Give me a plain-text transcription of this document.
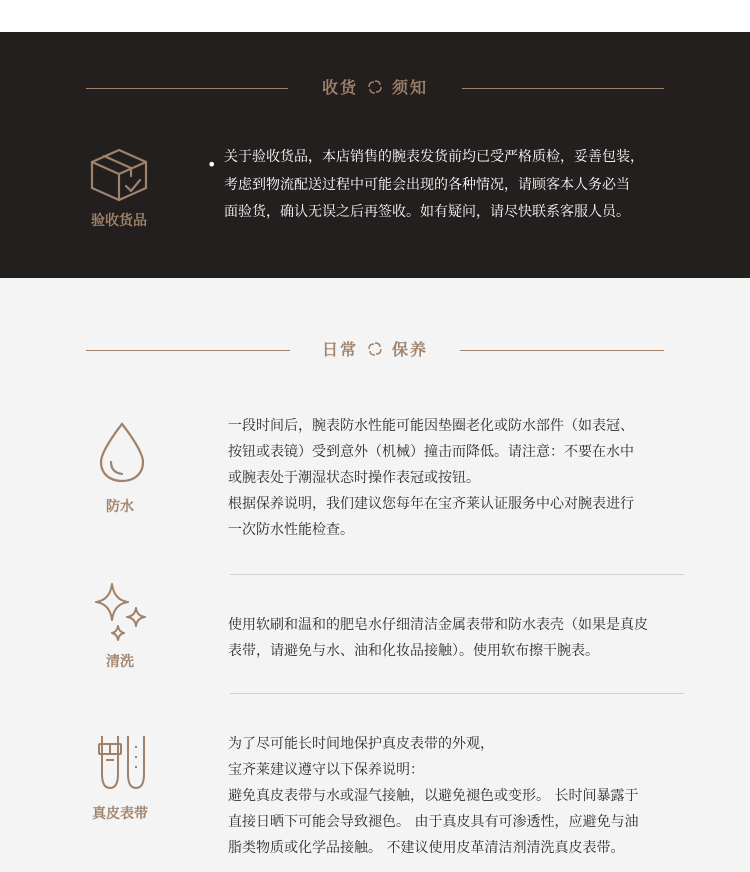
收货 须知
验收货品
• 关于验收货品，本店销售的腕表发货前均已受严格质检，妥善包装，
考虑到物流配送过程中可能会出现的各种情况，请顾客本人务必当
面验货，确认无误之后再签收。如有疑问，请尽快联系客服人员。
日常 保养
防水
一段时间后，腕表防水性能可能因垫圈老化或防水部件（如表冠、
按钮或表镜）受到意外（机械）撞击而降低。请注意：不要在水中
或腕表处于潮湿状态时操作表冠或按钮。
根据保养说明，我们建议您每年在宝齐莱认证服务中心对腕表进行
一次防水性能检查。
清洗
使用软刷和温和的肥皂水仔细清洁金属表带和防水表壳（如果是真皮
表带，请避免与水、油和化妆品接触）。使用软布擦干腕表。
真皮表带
为了尽可能长时间地保护真皮表带的外观，
宝齐莱建议遵守以下保养说明：
避免真皮表带与水或湿气接触，以避免褪色或变形。 长时间暴露于
直接日晒下可能会导致褪色。 由于真皮具有可渗透性，应避免与油
脂类物质或化学品接触。 不建议使用皮革清洁剂清洗真皮表带。
